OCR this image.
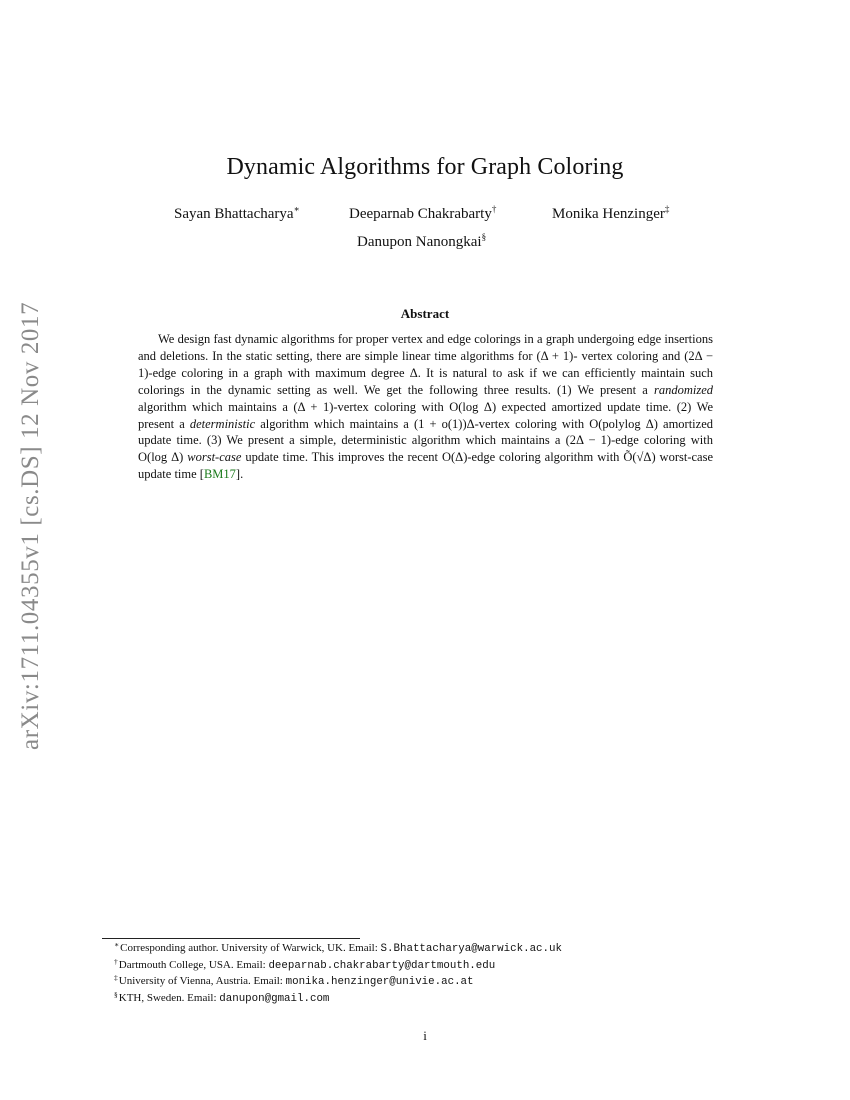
arXiv:1711.04355v1 [cs.DS] 12 Nov 2017
Dynamic Algorithms for Graph Coloring
Sayan Bhattacharya∗	Deeparnab Chakrabarty†	Monika Henzinger‡
Danupon Nanongkai§
Abstract

We design fast dynamic algorithms for proper vertex and edge colorings in a graph undergoing edge insertions and deletions. In the static setting, there are simple linear time algorithms for (Δ + 1)- vertex coloring and (2Δ − 1)-edge coloring in a graph with maximum degree Δ. It is natural to ask if we can efficiently maintain such colorings in the dynamic setting as well. We get the following three results. (1) We present a randomized algorithm which maintains a (Δ + 1)-vertex coloring with O(log Δ) expected amortized update time. (2) We present a deterministic algorithm which maintains a (1 + o(1))Δ-vertex coloring with O(polylog Δ) amortized update time. (3) We present a simple, deterministic algorithm which maintains a (2Δ − 1)-edge coloring with O(log Δ) worst-case update time. This improves the recent O(Δ)-edge coloring algorithm with Õ(√Δ) worst-case update time [BM17].

∗Corresponding author. University of Warwick, UK. Email: S.Bhattacharya@warwick.ac.uk
†Dartmouth College, USA. Email: deeparnab.chakrabarty@dartmouth.edu
‡University of Vienna, Austria. Email: monika.henzinger@univie.ac.at
§KTH, Sweden. Email: danupon@gmail.com
i
